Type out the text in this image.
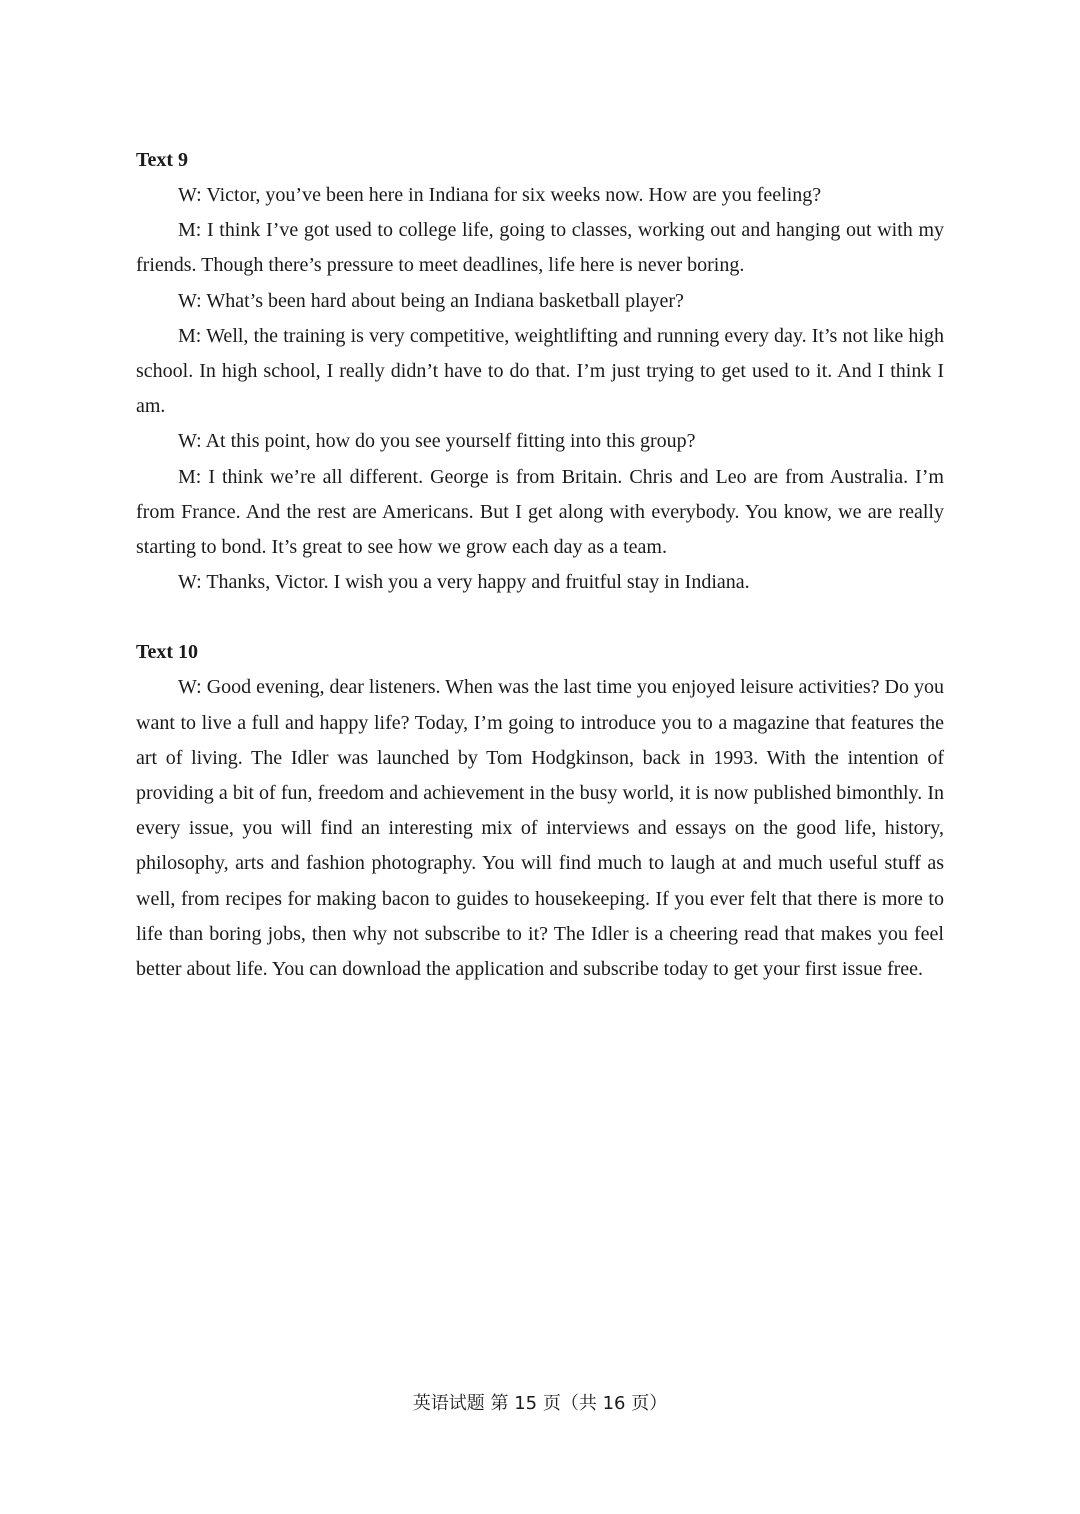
Text 9

W: Victor, you’ve been here in Indiana for six weeks now. How are you feeling?

M: I think I’ve got used to college life, going to classes, working out and hanging out with my friends. Though there’s pressure to meet deadlines, life here is never boring.

W: What’s been hard about being an Indiana basketball player?

M: Well, the training is very competitive, weightlifting and running every day. It’s not like high school. In high school, I really didn’t have to do that. I’m just trying to get used to it. And I think I am.

W: At this point, how do you see yourself fitting into this group?

M: I think we’re all different. George is from Britain. Chris and Leo are from Australia. I’m from France. And the rest are Americans. But I get along with everybody. You know, we are really starting to bond. It’s great to see how we grow each day as a team.

W: Thanks, Victor. I wish you a very happy and fruitful stay in Indiana.

Text 10

W: Good evening, dear listeners. When was the last time you enjoyed leisure activities? Do you want to live a full and happy life? Today, I’m going to introduce you to a magazine that features the art of living. The Idler was launched by Tom Hodgkinson, back in 1993. With the intention of providing a bit of fun, freedom and achievement in the busy world, it is now published bimonthly. In every issue, you will find an interesting mix of interviews and essays on the good life, history, philosophy, arts and fashion photography. You will find much to laugh at and much useful stuff as well, from recipes for making bacon to guides to housekeeping. If you ever felt that there is more to life than boring jobs, then why not subscribe to it? The Idler is a cheering read that makes you feel better about life. You can download the application and subscribe today to get your first issue free.

英语试题 第 15 页（共 16 页）
